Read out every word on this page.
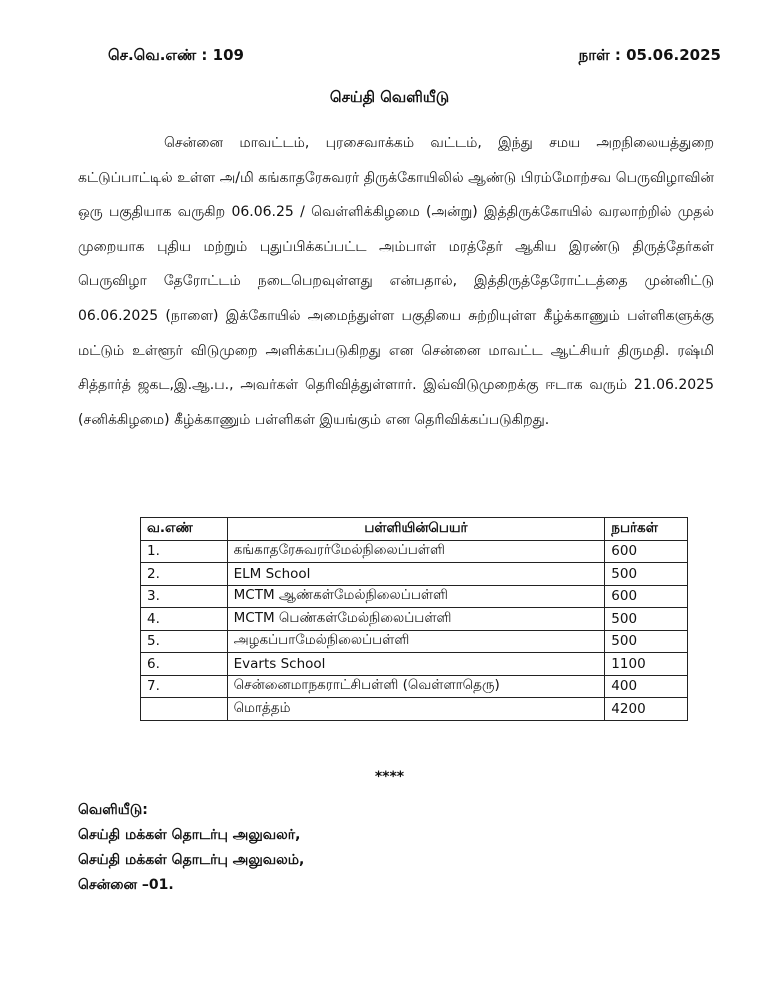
செ.வெ.எண் : 109	நாள் : 05.06.2025
செய்தி வெளியீடு

சென்னை மாவட்டம், புரசைவாக்கம் வட்டம், இந்து சமய அறநிலையத்துறை கட்டுப்பாட்டில் உள்ள அ/மி கங்காதரேசுவரர் திருக்கோயிலில் ஆண்டு பிரம்மோற்சவ பெருவிழாவின் ஒரு பகுதியாக வருகிற 06.06.25 / வெள்ளிக்கிழமை (அன்று) இத்திருக்கோயில் வரலாற்றில் முதல் முறையாக புதிய மற்றும் புதுப்பிக்கப்பட்ட அம்பாள் மரத்தேர் ஆகிய இரண்டு திருத்தேர்கள் பெருவிழா தேரோட்டம் நடைபெறவுள்ளது என்பதால், இத்திருத்தேரோட்டத்தை முன்னிட்டு 06.06.2025 (நாளை) இக்கோயில் அமைந்துள்ள பகுதியை சுற்றியுள்ள கீழ்க்காணும் பள்ளிகளுக்கு மட்டும் உள்ளூர் விடுமுறை அளிக்கப்படுகிறது என சென்னை மாவட்ட ஆட்சியர் திருமதி. ரஷ்மி சித்தார்த் ஜகட,இ.ஆ.ப., அவர்கள் தெரிவித்துள்ளார். இவ்விடுமுறைக்கு ஈடாக வரும் 21.06.2025 (சனிக்கிழமை) கீழ்க்காணும் பள்ளிகள் இயங்கும் என தெரிவிக்கப்படுகிறது.

வ.எண்	பள்ளியின்பெயர்	நபர்கள்
1.	கங்காதரேசுவரர்மேல்நிலைப்பள்ளி	600
2.	ELM School	500
3.	MCTM ஆண்கள்மேல்நிலைப்பள்ளி	600
4.	MCTM பெண்கள்மேல்நிலைப்பள்ளி	500
5.	அழகப்பாமேல்நிலைப்பள்ளி	500
6.	Evarts School	1100
7.	சென்னைமாநகராட்சிபள்ளி (வெள்ளாதெரு)	400
	மொத்தம்	4200
****
வெளியீடு:
செய்தி மக்கள் தொடர்பு அலுவலர்,
செய்தி மக்கள் தொடர்பு அலுவலம்,
சென்னை –01.
